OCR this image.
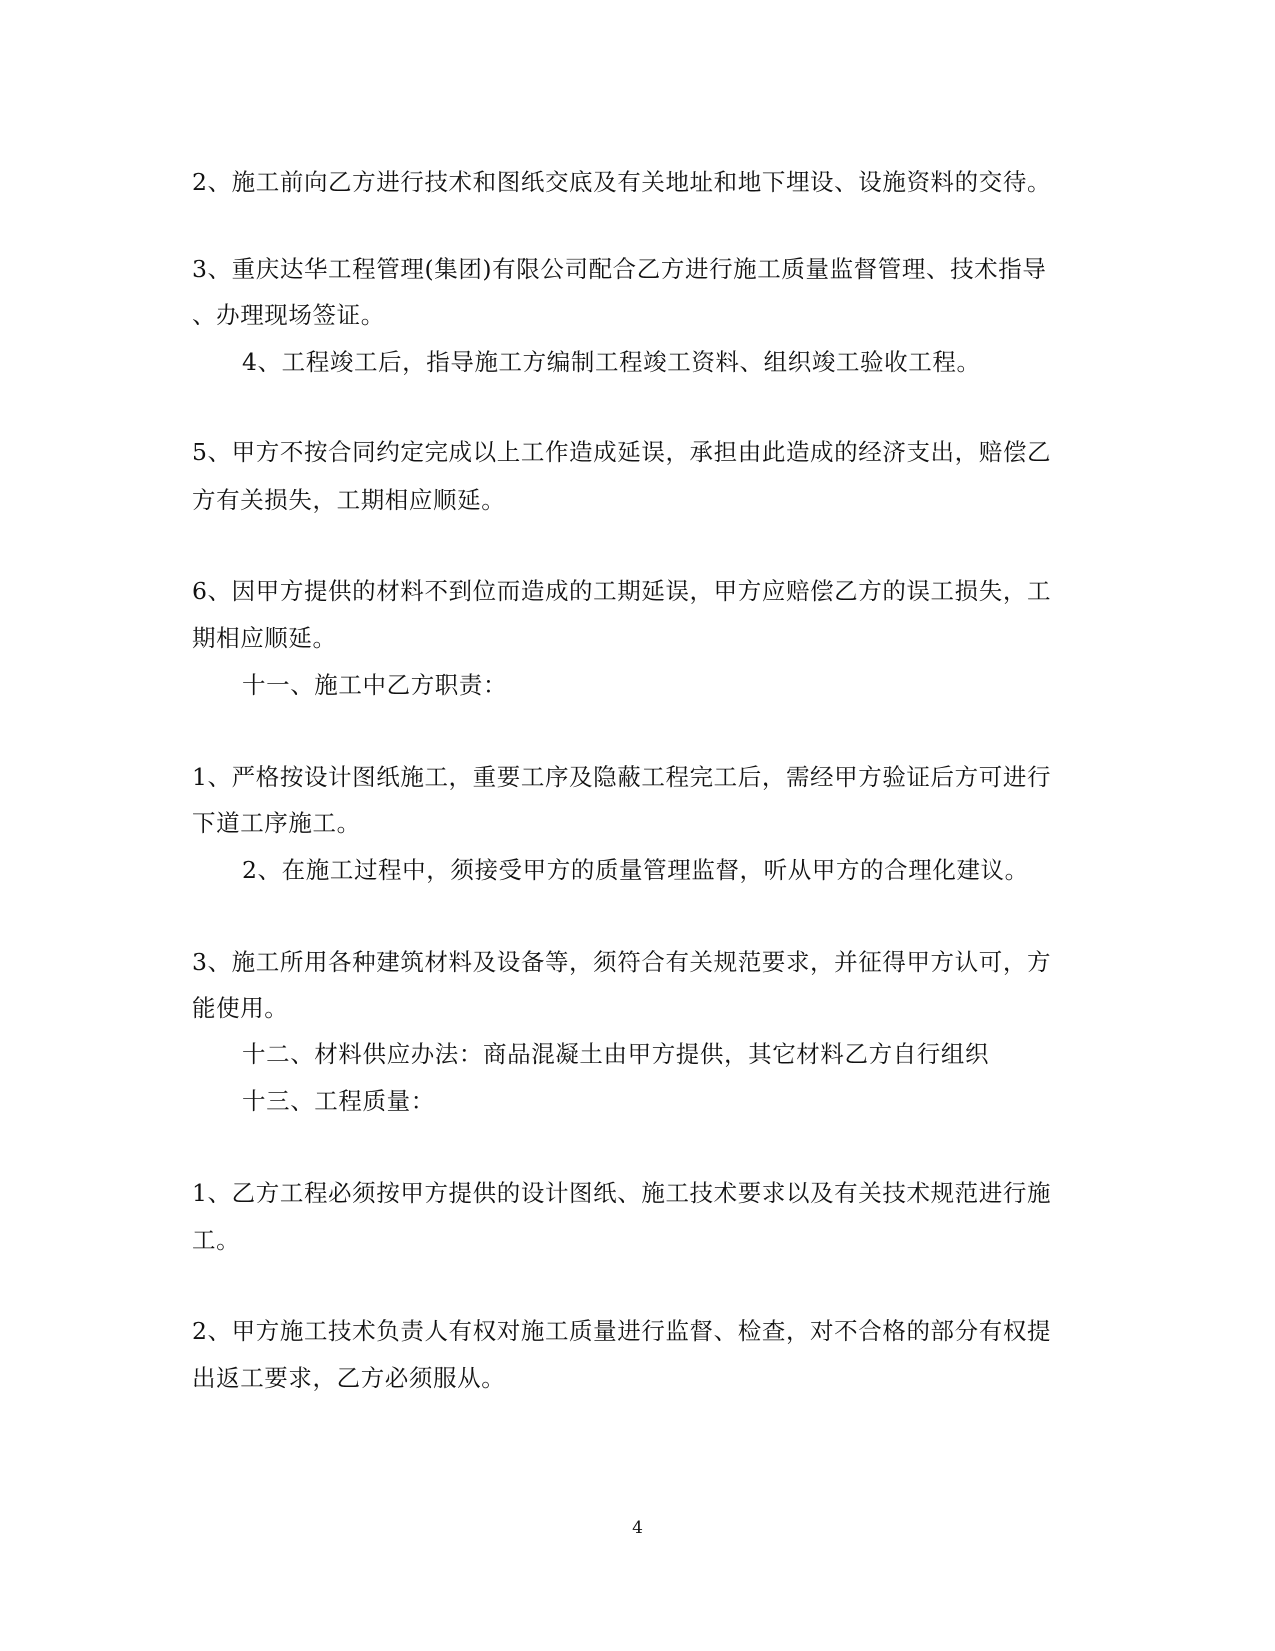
2、施工前向乙方进行技术和图纸交底及有关地址和地下埋设、设施资料的交待。
3、重庆达华工程管理(集团)有限公司配合乙方进行施工质量监督管理、技术指导
、办理现场签证。
4、工程竣工后，指导施工方编制工程竣工资料、组织竣工验收工程。
5、甲方不按合同约定完成以上工作造成延误，承担由此造成的经济支出，赔偿乙
方有关损失，工期相应顺延。
6、因甲方提供的材料不到位而造成的工期延误，甲方应赔偿乙方的误工损失，工
期相应顺延。
十一、施工中乙方职责：
1、严格按设计图纸施工，重要工序及隐蔽工程完工后，需经甲方验证后方可进行
下道工序施工。
2、在施工过程中，须接受甲方的质量管理监督，听从甲方的合理化建议。
3、施工所用各种建筑材料及设备等，须符合有关规范要求，并征得甲方认可，方
能使用。
十二、材料供应办法：商品混凝土由甲方提供，其它材料乙方自行组织
十三、工程质量：
1、乙方工程必须按甲方提供的设计图纸、施工技术要求以及有关技术规范进行施
工。
2、甲方施工技术负责人有权对施工质量进行监督、检查，对不合格的部分有权提
出返工要求，乙方必须服从。
4
